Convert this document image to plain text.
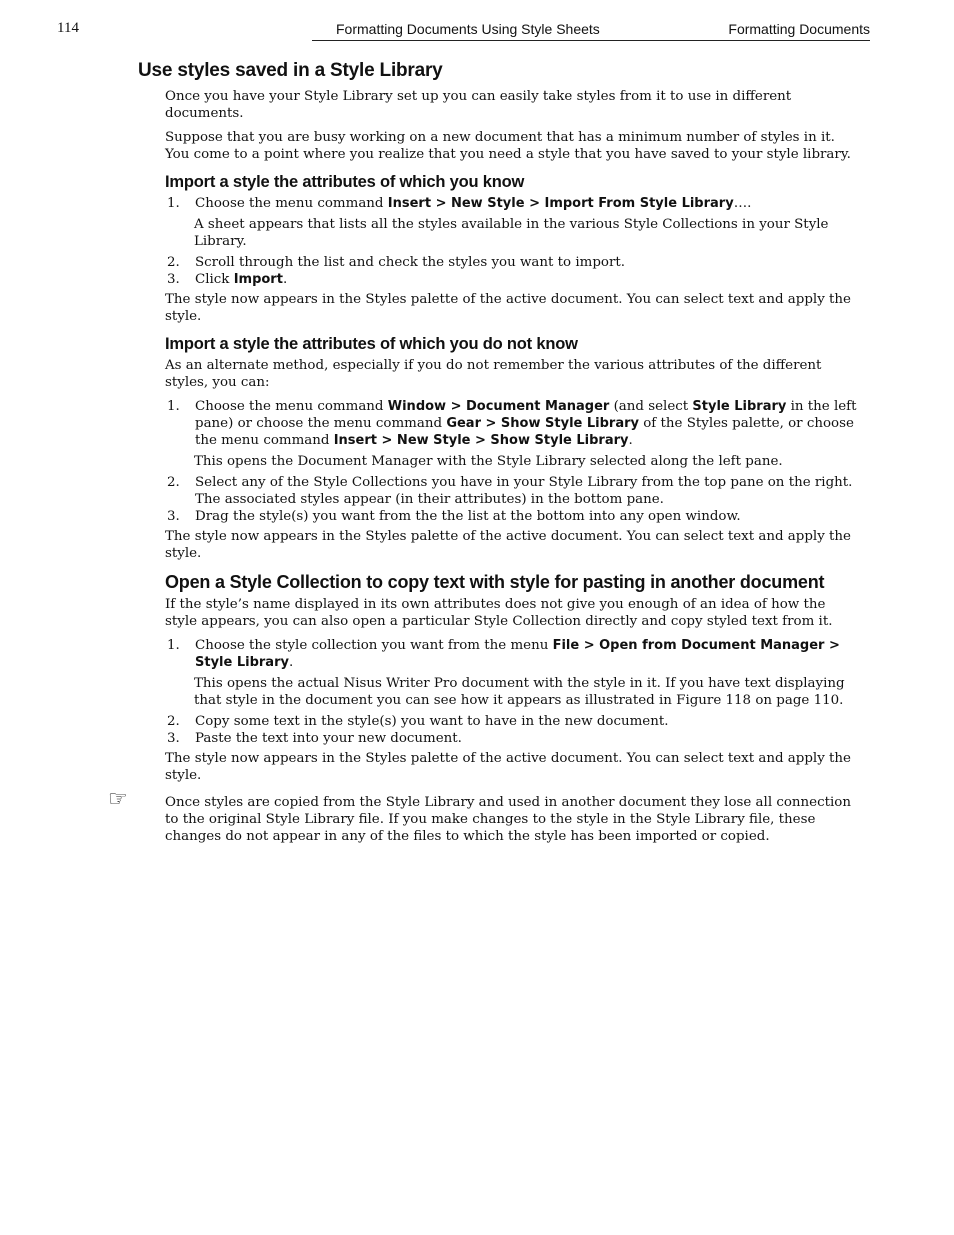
114	Formatting Documents Using Style Sheets	Formatting Documents
Use styles saved in a Style Library

Once you have your Style Library set up you can easily take styles from it to use in different documents.

Suppose that you are busy working on a new document that has a minimum number of styles in it. You come to a point where you realize that you need a style that you have saved to your style library.

Import a style the attributes of which you know
1. Choose the menu command Insert > New Style > Import From Style Library….
A sheet appears that lists all the styles available in the various Style Collections in your Style Library.
2. Scroll through the list and check the styles you want to import.
3. Click Import.

The style now appears in the Styles palette of the active document. You can select text and apply the style.

Import a style the attributes of which you do not know

As an alternate method, especially if you do not remember the various attributes of the different styles, you can:

1. Choose the menu command Window > Document Manager (and select Style Library in the left pane) or choose the menu command Gear > Show Style Library of the Styles palette, or choose the menu command Insert > New Style > Show Style Library.
This opens the Document Manager with the Style Library selected along the left pane.
2. Select any of the Style Collections you have in your Style Library from the top pane on the right. The associated styles appear (in their attributes) in the bottom pane.
3. Drag the style(s) you want from the the list at the bottom into any open window.

The style now appears in the Styles palette of the active document. You can select text and apply the style.

Open a Style Collection to copy text with style for pasting in another document

If the style’s name displayed in its own attributes does not give you enough of an idea of how the style appears, you can also open a particular Style Collection directly and copy styled text from it.

1. Choose the style collection you want from the menu File > Open from Document Manager > Style Library.
This opens the actual Nisus Writer Pro document with the style in it. If you have text displaying that style in the document you can see how it appears as illustrated in Figure 118 on page 110.
2. Copy some text in the style(s) you want to have in the new document.
3. Paste the text into your new document.

The style now appears in the Styles palette of the active document. You can select text and apply the style.

☞	Once styles are copied from the Style Library and used in another document they lose all connection to the original Style Library file. If you make changes to the style in the Style Library file, these changes do not appear in any of the files to which the style has been imported or copied.
